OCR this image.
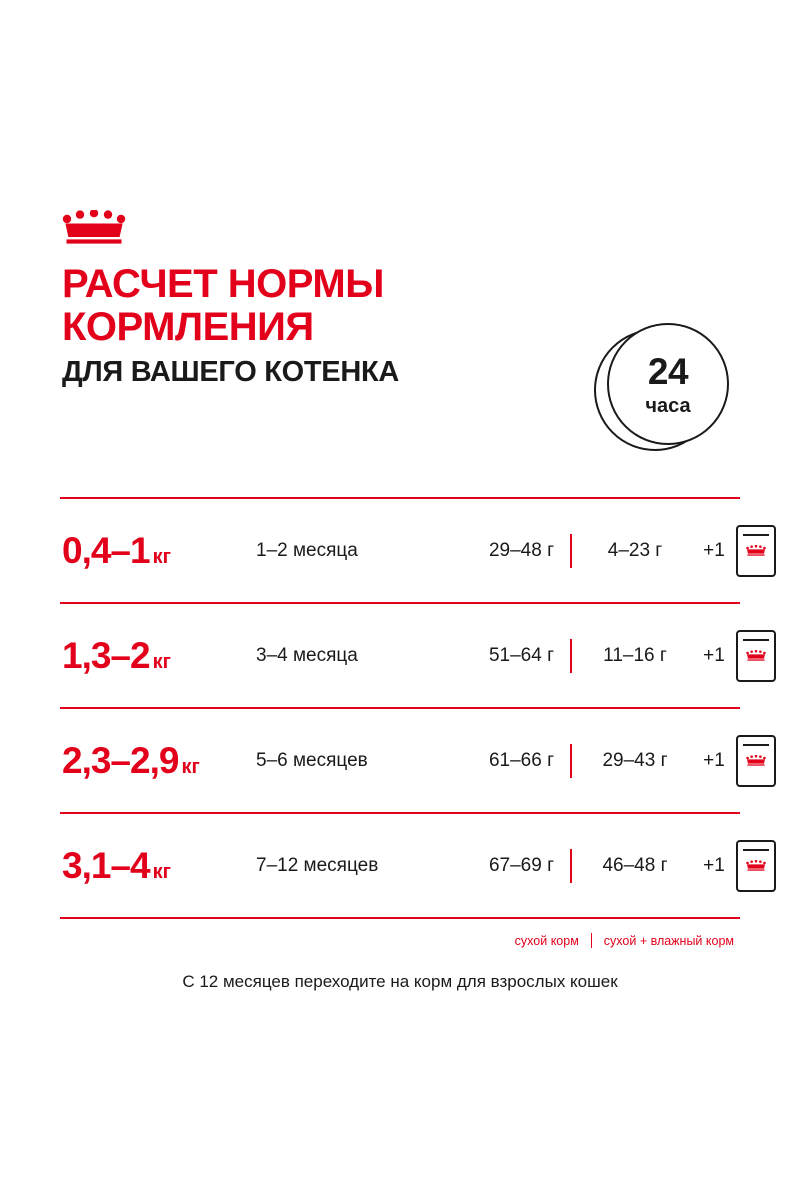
РАСЧЕТ НОРМЫ
КОРМЛЕНИЯ
ДЛЯ ВАШЕГО КОТЕНКА	24
часа
0,4–1 кг	1–2 месяца	29–48 г	4–23 г	+1
1,3–2 кг	3–4 месяца	51–64 г	11–16 г	+1
2,3–2,9 кг	5–6 месяцев	61–66 г	29–43 г	+1
3,1–4 кг	7–12 месяцев	67–69 г	46–48 г	+1
сухой корм сухой + влажный корм
С 12 месяцев переходите на корм для взрослых кошек
